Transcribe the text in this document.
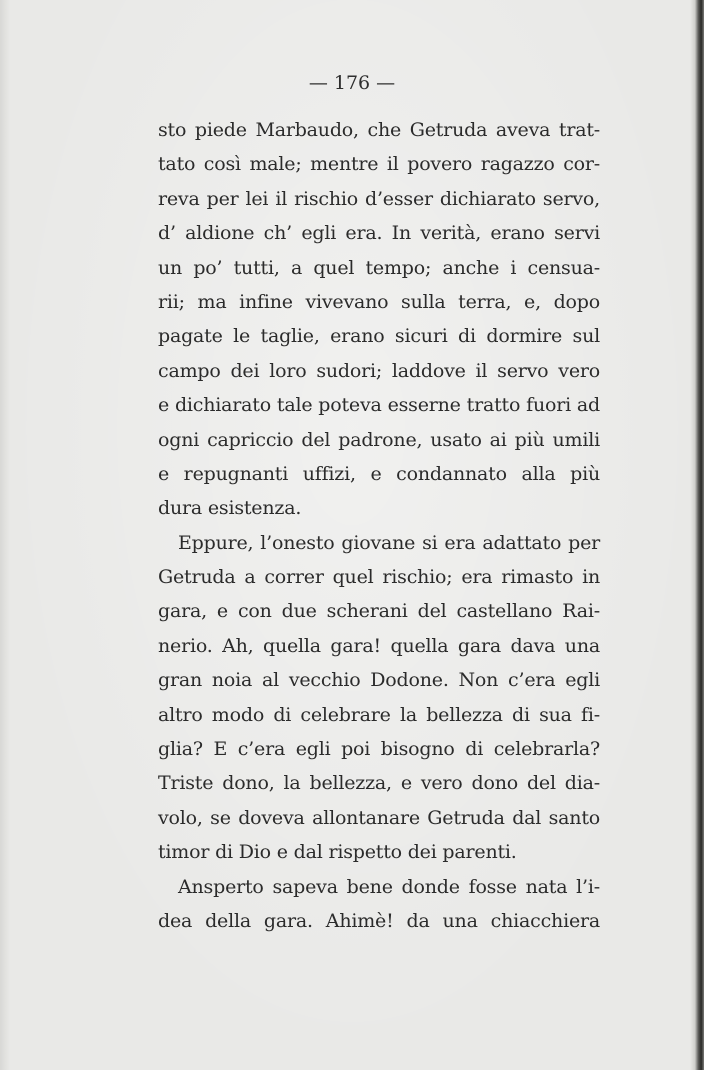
— 176 —
sto piede Marbaudo, che Getruda aveva trat-
tato così male; mentre il povero ragazzo cor-
reva per lei il rischio d’esser dichiarato servo,
d’ aldione ch’ egli era. In verità, erano servi
un po’ tutti, a quel tempo; anche i censua-
rii; ma infine vivevano sulla terra, e, dopo
pagate le taglie, erano sicuri di dormire sul
campo dei loro sudori; laddove il servo vero
e dichiarato tale poteva esserne tratto fuori ad
ogni capriccio del padrone, usato ai più umili
e repugnanti uffizi, e condannato alla più
dura esistenza.
Eppure, l’onesto giovane si era adattato per
Getruda a correr quel rischio; era rimasto in
gara, e con due scherani del castellano Rai-
nerio. Ah, quella gara! quella gara dava una
gran noia al vecchio Dodone. Non c’era egli
altro modo di celebrare la bellezza di sua fi-
glia? E c’era egli poi bisogno di celebrarla?
Triste dono, la bellezza, e vero dono del dia-
volo, se doveva allontanare Getruda dal santo
timor di Dio e dal rispetto dei parenti.
Ansperto sapeva bene donde fosse nata l’i-
dea della gara. Ahimè! da una chiacchiera
